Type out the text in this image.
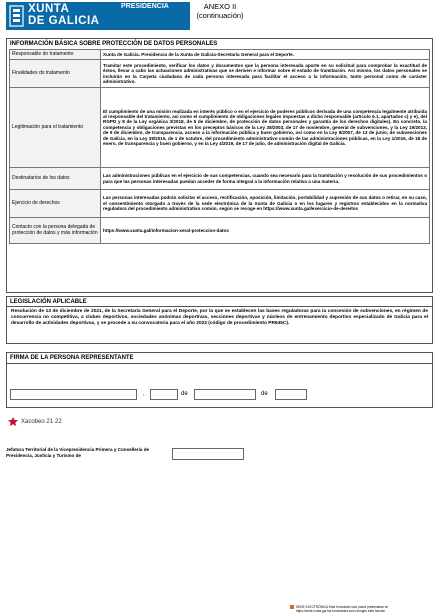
XUNTA
DE GALICIA
PRESIDENCIA	ANEXO II
(continuación)
INFORMACIÓN BÁSICA SOBRE PROTECCIÓN DE DATOS PERSONALES
Responsable do tratamento	Xunta de Galicia. Presidencia de la Xunta de Galicia-Secretaría General para el Deporte.
Finalidades do tratamento	Tramitar este procedimiento, verificar los datos y documentos que la persona interesada aporte en su solicitud para comprobar la exactitud de éstos, llevar a cabo las actuaciones administrativas que se deriven e informar sobre el estado de tramitación. Así mismo, los datos personales se incluirán en la Carpeta ciudadana de cada persona interesada para facilitar el acceso a la información, tanto personal como de carácter administrativo.
Legitimación para el tratamiento	El cumplimiento de una misión realizada en interés público o en el ejercicio de poderes públicos derivada de una competencia legalmente atribuida al responsable del tratamiento, así como el cumplimiento de obligaciones legales impuestas a dicho responsable (artículo 6.1, apartados c) y e), del RGPD y 8 de la Ley orgánica 3/2018, de 5 de diciembre, de protección de datos personales y garantía de los derechos digitales). En concreto, la competencia y obligaciones previstas en los preceptos básicos de la Ley 38/2003, de 17 de noviembre, general de subvenciones, y la Ley 19/2013, de 9 de diciembre, de transparencia, acceso a la información pública y buen gobierno, así como en la Ley 9/2007, de 13 de junio, de subvenciones de Galicia, en la Ley 39/2015, de 1 de octubre, del procedimiento administrativo común de las administraciones públicas, en la Ley 1/2016, de 18 de enero, de transparencia y buen gobierno, y en la Ley 4/2019, de 17 de julio, de administración digital de Galicia.
Destinatarios de los datos	Las administraciones públicas en el ejercicio de sus competencias, cuando sea necesario para la tramitación y resolución de sus procedimientos o para que las personas interesadas puedan acceder de forma integral a la información relativa a una materia.
Ejercicio de derechos	Las personas interesadas podrán solicitar el acceso, rectificación, oposición, limitación, portabilidad y supresión de sus datos o retirar, en su caso, el consentimiento otorgado a través de la sede electrónica de la Xunta de Galicia o en los lugares y registros establecidos en la normativa reguladora del procedimiento administrativo común, según se recoge en https://www.xunta.gal/exercicio-de-dereitos
Contacto con la persona delegada de protección de datos y más información	https://www.xunta.gal/informacion-xeral-proteccion-datos
LEGISLACIÓN APLICABLE
Resolución de 13 de diciembre de 2021, de la Secretaría General para el Deporte, por la que se establecen las bases reguladoras para la concesión de subvenciones, en régimen de concurrencia no competitiva, a clubes deportivos, sociedades anónimas deportivas, secciones deportivas y núcleos de entrenamiento deportivo especializado de Galicia para el desarrollo de actividades deportivas, y se procede a su convocatoria para el año 2022 (código de procedimiento PR945C).
FIRMA DE LA PERSONA REPRESENTANTE
,	de	de
Xacobeo 21·22
Jefatura Territorial de la Vicepresidencia Primera y Consellería de Presidencia, Justicia y Turismo de
SEDE ELECTRÓNICA Este formulario solo podrá presentarse en
https://sede.xunta.gal los formularios solo recogen esta función
